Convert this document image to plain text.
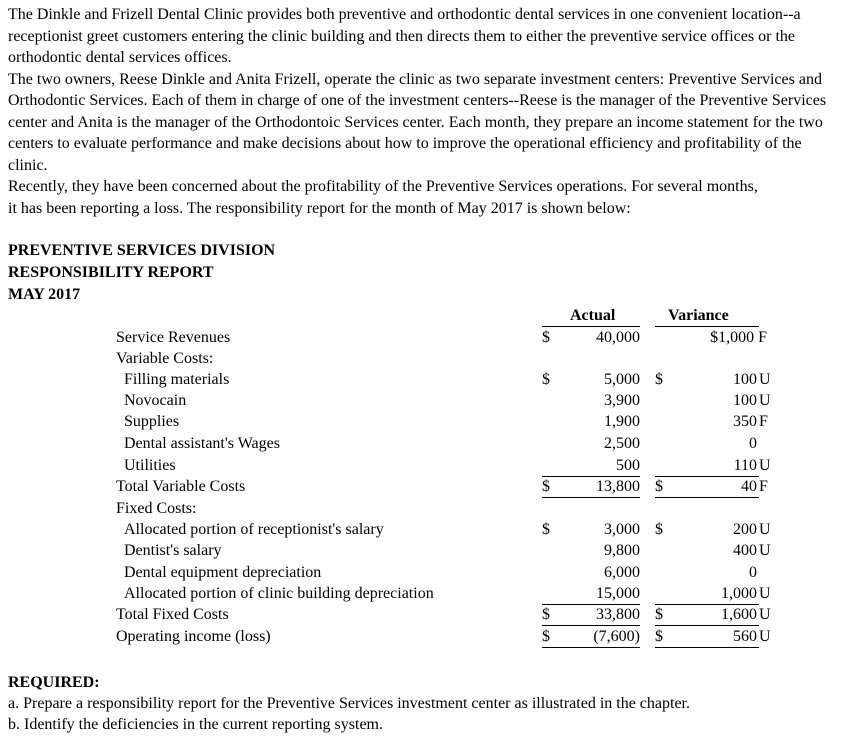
The Dinkle and Frizell Dental Clinic provides both preventive and orthodontic dental services in one convenient location--a receptionist greet customers entering the clinic building and then directs them to either the preventive service offices or the orthodontic dental services offices.

The two owners, Reese Dinkle and Anita Frizell, operate the clinic as two separate investment centers: Preventive Services and Orthodontic Services. Each of them in charge of one of the investment centers--Reese is the manager of the Preventive Services center and Anita is the manager of the Orthodontoic Services center. Each month, they prepare an income statement for the two centers to evaluate performance and make decisions about how to improve the operational efficiency and profitability of the clinic.

Recently, they have been concerned about the profitability of the Preventive Services operations. For several months,

it has been reporting a loss. The responsibility report for the month of May 2017 is shown below:

PREVENTIVE SERVICES DIVISION
RESPONSIBILITY REPORT
MAY 2017
Actual	Variance
Service Revenues	$	40,000	$1,000 F
Variable Costs:
Filling materials	$	5,000 $	100 U
Novocain	3,900	100 U
Supplies	1,900	350 F
Dental assistant's Wages	2,500	0
Utilities	500	110 U
Total Variable Costs	$	13,800 $	40 F
Fixed Costs:
Allocated portion of receptionist's salary	$	3,000 $	200 U
Dentist's salary	9,800	400 U
Dental equipment depreciation	6,000	0
Allocated portion of clinic building depreciation	15,000	1,000 U
Total Fixed Costs	$	33,800 $	1,600 U
Operating income (loss)	$	(7,600) $	560 U
REQUIRED:
a. Prepare a responsibility report for the Preventive Services investment center as illustrated in the chapter.
b. Identify the deficiencies in the current reporting system.
